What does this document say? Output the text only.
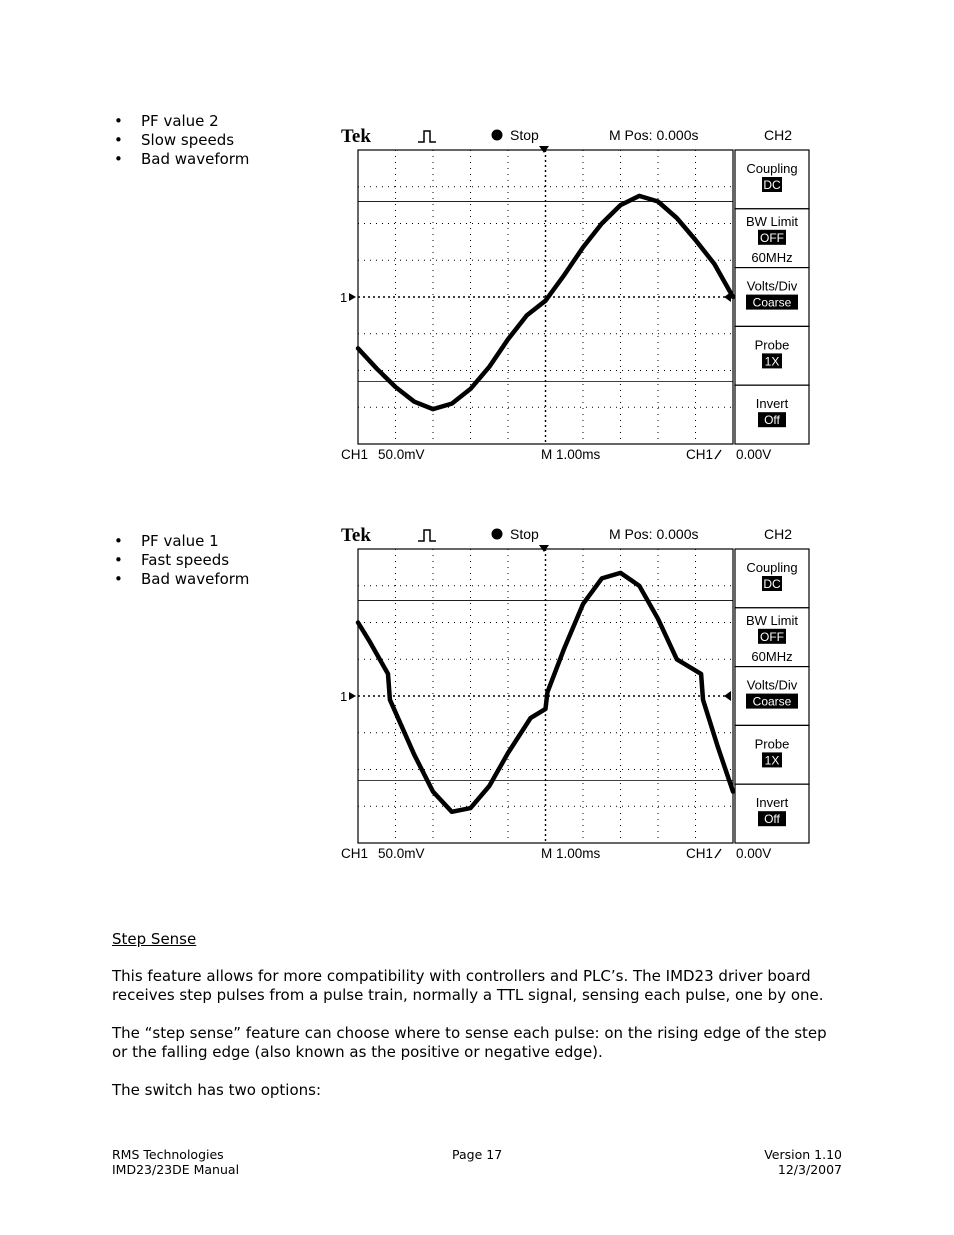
• PF value 2
• Slow speeds
• Bad waveform
Tek	Stop	M Pos: 0.000s	CH2
1
Coupling
DC
BW Limit
OFF
60MHz
Volts/Div
Coarse
Probe
1X
Invert
Off
CH1 50.0mV	M 1.00ms	CH1 0.00V
• PF value 1
• Fast speeds
• Bad waveform
Tek	Stop	M Pos: 0.000s	CH2
1
Coupling
DC
BW Limit
OFF
60MHz
Volts/Div
Coarse
Probe
1X
Invert
Off
CH1 50.0mV	M 1.00ms	CH1 0.00V

Step Sense

This feature allows for more compatibility with controllers and PLC’s. The IMD23 driver board receives step pulses from a pulse train, normally a TTL signal, sensing each pulse, one by one.

The “step sense” feature can choose where to sense each pulse: on the rising edge of the step or the falling edge (also known as the positive or negative edge).

The switch has two options:

RMS Technologies
IMD23/23DE Manual
Page 17	Version 1.10
12/3/2007
